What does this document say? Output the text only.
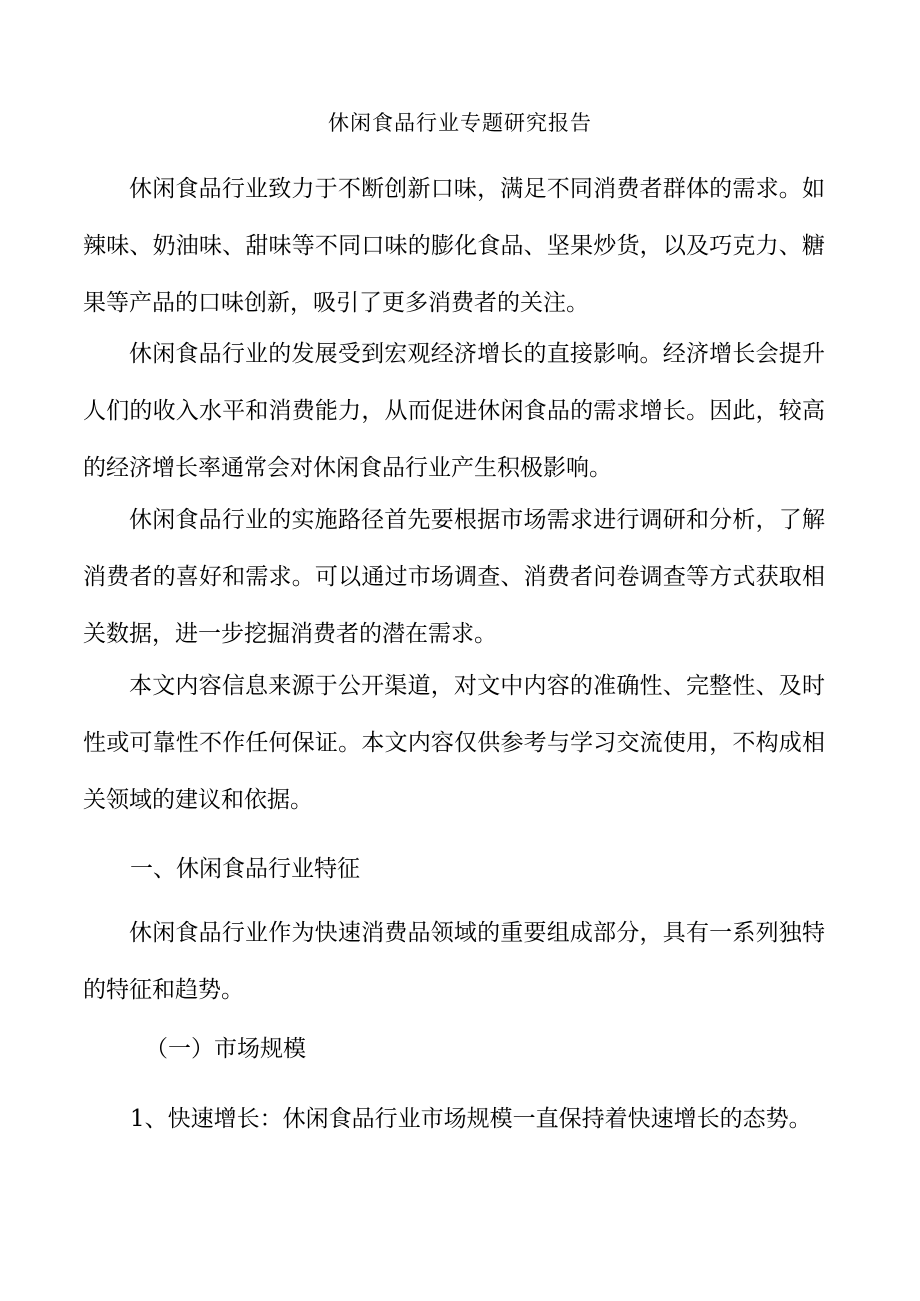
休闲食品行业专题研究报告

休闲食品行业致力于不断创新口味，满足不同消费者群体的需求。如辣味、奶油味、甜味等不同口味的膨化食品、坚果炒货，以及巧克力、糖果等产品的口味创新，吸引了更多消费者的关注。

休闲食品行业的发展受到宏观经济增长的直接影响。经济增长会提升人们的收入水平和消费能力，从而促进休闲食品的需求增长。因此，较高的经济增长率通常会对休闲食品行业产生积极影响。

休闲食品行业的实施路径首先要根据市场需求进行调研和分析，了解消费者的喜好和需求。可以通过市场调查、消费者问卷调查等方式获取相关数据，进一步挖掘消费者的潜在需求。

本文内容信息来源于公开渠道，对文中内容的准确性、完整性、及时性或可靠性不作任何保证。本文内容仅供参考与学习交流使用，不构成相关领域的建议和依据。

一、休闲食品行业特征

休闲食品行业作为快速消费品领域的重要组成部分，具有一系列独特的特征和趋势。

（一）市场规模

1、快速增长：休闲食品行业市场规模一直保持着快速增长的态势。
